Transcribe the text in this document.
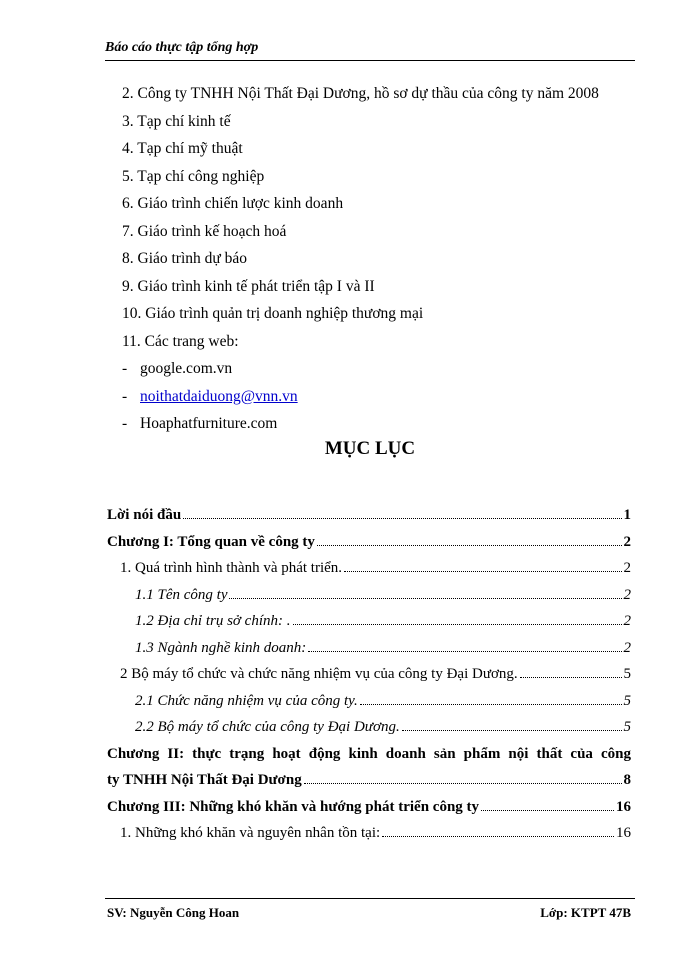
Báo cáo thực tập tổng hợp
2. Công ty TNHH Nội Thất Đại Dương, hồ sơ dự thầu của công ty năm 2008
3. Tạp chí kinh tế
4. Tạp chí mỹ thuật
5. Tạp chí công nghiệp
6. Giáo trình chiến lược kinh doanh
7. Giáo trình kế hoạch hoá
8. Giáo trình dự báo
9. Giáo trình kinh tế phát triển tập I và II
10. Giáo trình quản trị doanh nghiệp thương mại
11. Các trang web:
- google.com.vn
- noithatdaiduong@vnn.vn
- Hoaphatfurniture.com
MỤC LỤC
Lời nói đầu	1
Chương I: Tổng quan về công ty	2
1. Quá trình hình thành và phát triển.	2
1.1 Tên công ty	2
1.2 Địa chỉ trụ sở chính: .	2
1.3 Ngành nghề kinh doanh:	2
2 Bộ máy tổ chức và chức năng nhiệm vụ của công ty Đại Dương.	5
2.1 Chức năng nhiệm vụ của công ty.	5
2.2 Bộ máy tổ chức của công ty Đại Dương.	5
Chương II: thực trạng hoạt động kinh doanh sản phẩm nội thất của công
ty TNHH Nội Thất Đại Dương	8
Chương III: Những khó khăn và hướng phát triển công ty	16
1. Những khó khăn và nguyên nhân tồn tại:	16
SV: Nguyễn Công Hoan	Lớp: KTPT 47B
